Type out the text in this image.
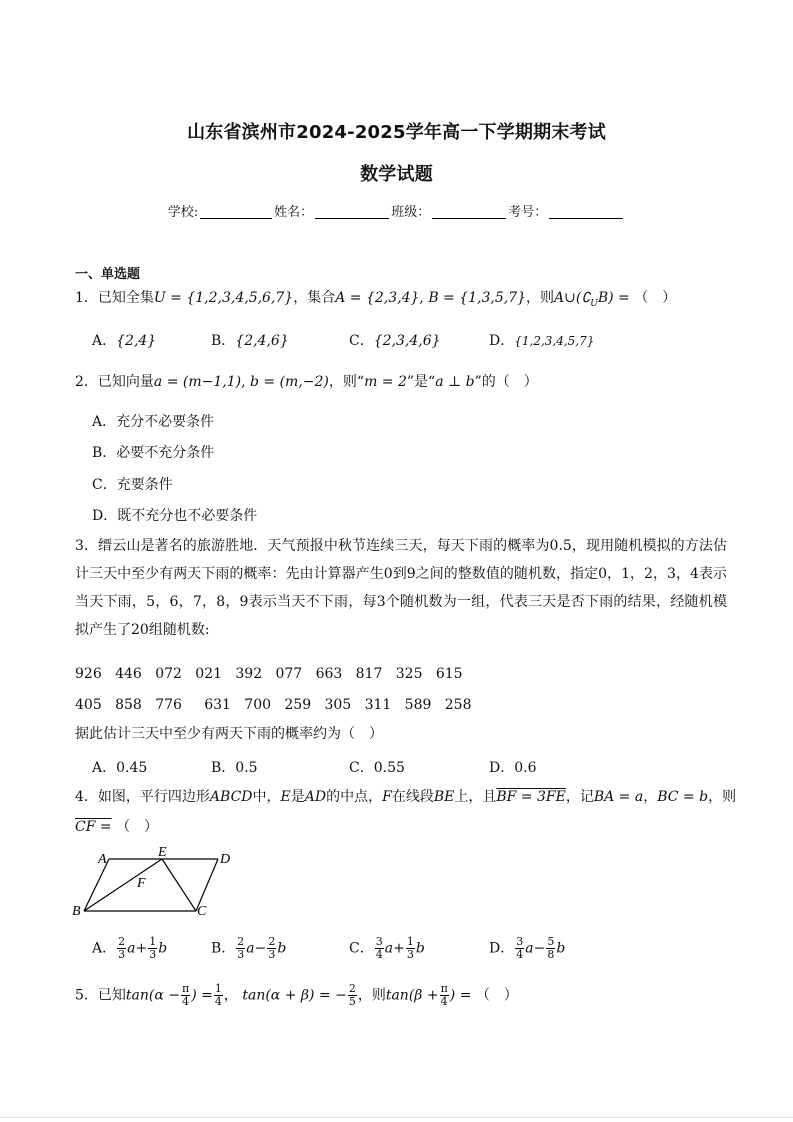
山东省滨州市2024-2025学年高一下学期期末考试
数学试题
学校:	姓名：	班级：	考号：
一、单选题
1．已知全集U = {1,2,3,4,5,6,7}，集合A = {2,3,4}, B = {1,3,5,7}，则$A\cup(∁_UB)$ = （　）
A．{2,4}	B．{2,4,6}	C．{2,3,4,6}	D．{1,2,3,4,5,7}
2．已知向量a = (m−1,1), b = (m,−2)，则“m = 2”是“a ⊥ b”的（　）
A．充分不必要条件
B．必要不充分条件
C．充要条件
D．既不充分也不必要条件
3．缙云山是著名的旅游胜地．天气预报中秋节连续三天，每天下雨的概率为0.5，现用随机模拟的方法估计三天中至少有两天下雨的概率：先由计算器产生0到9之间的整数值的随机数，指定0，1，2，3，4表示当天下雨，5，6，7，8，9表示当天不下雨，每3个随机数为一组，代表三天是否下雨的结果，经随机模拟产生了20组随机数:
926 446 072 021 392 077 663 817 325 615
405 858 776 631 700 259 305 311 589 258
据此估计三天中至少有两天下雨的概率约为（　）
A．0.45	B．0.5	C．0.55	D．0.6
4．如图，平行四边形ABCD中，E是AD的中点，F在线段BE上，且BF = 3FE，记BA = a，BC = b，则
CF = （　）
A	E	D
F
B	C
A． $\frac{2}{3} a+ \frac{1}{3}$ b	B． $\frac{2}{3} a- \frac{2}{3}$ b	C． $\frac{3}{4} a+ \frac{1}{3}$ b	D． $\frac{3}{4} a- \frac{5}{8}$ b
5．已知$\tan(\alpha - \frac{\pi}{4}$ ) = $\frac{1}{4}$ ， tan(α + β) = − $\frac{2}{5}$ ，则$\tan(\beta + \frac{\pi}{4}$ ) = （　）
